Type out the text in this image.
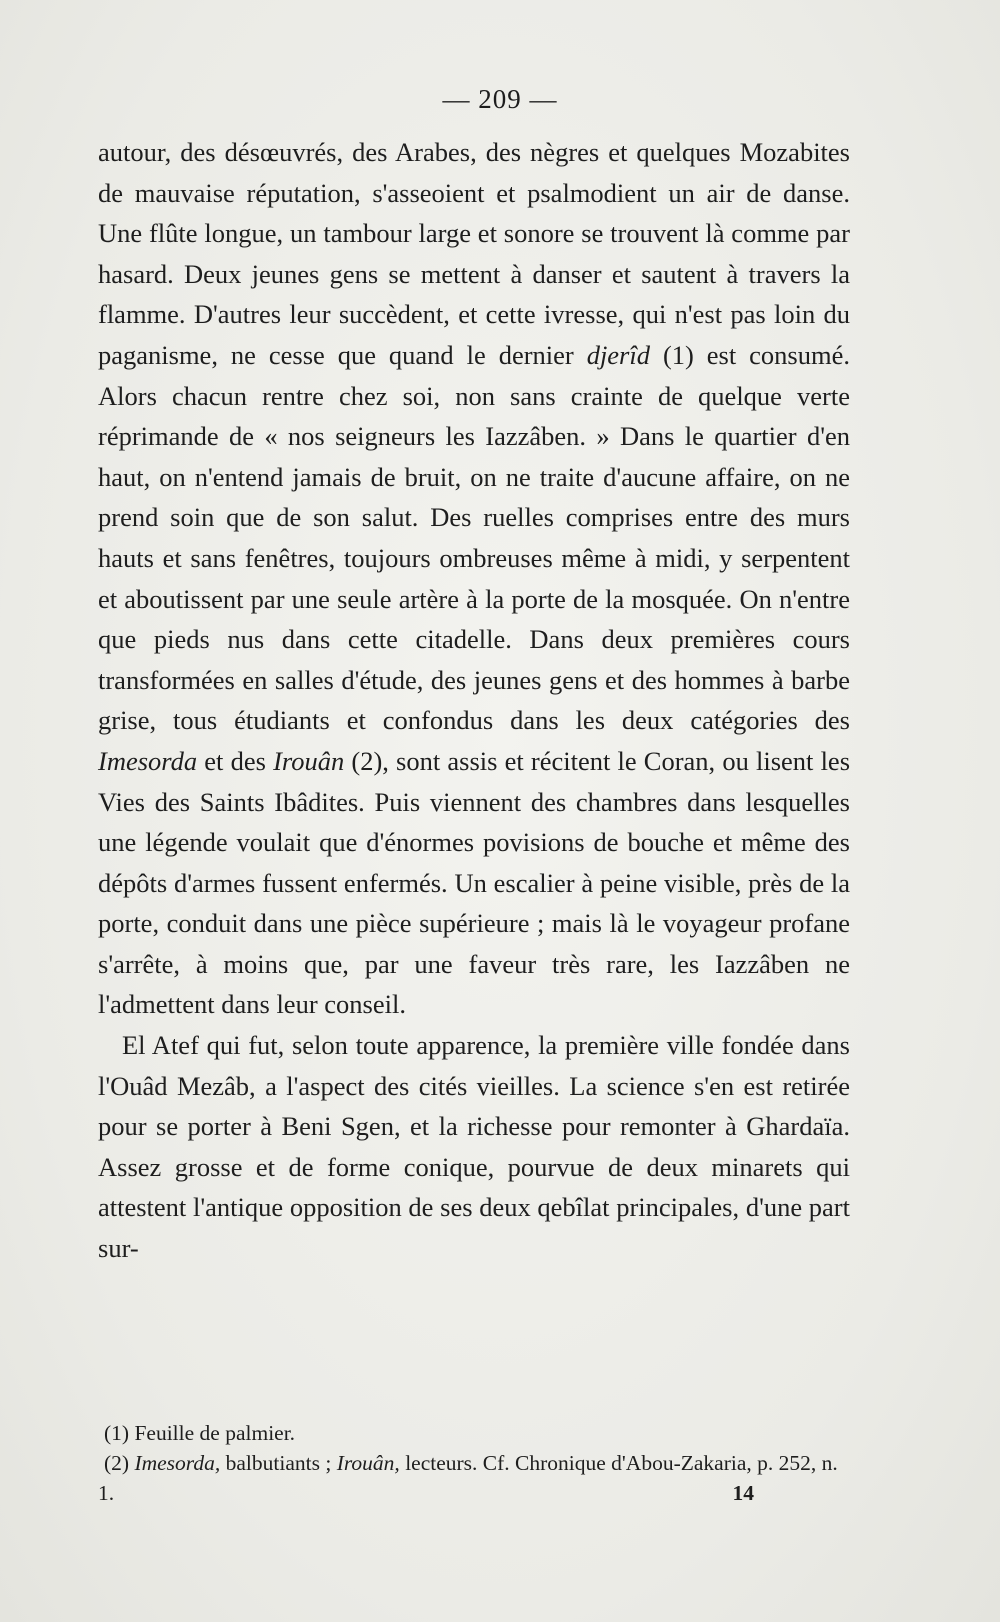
— 209 —

autour, des désœuvrés, des Arabes, des nègres et quelques Mozabites de mauvaise réputation, s'asseoient et psalmodient un air de danse. Une flûte longue, un tambour large et sonore se trouvent là comme par hasard. Deux jeunes gens se mettent à danser et sautent à travers la flamme. D'autres leur succèdent, et cette ivresse, qui n'est pas loin du paganisme, ne cesse que quand le dernier djerîd (1) est consumé. Alors chacun rentre chez soi, non sans crainte de quelque verte réprimande de « nos seigneurs les Iazzâben. » Dans le quartier d'en haut, on n'entend jamais de bruit, on ne traite d'aucune affaire, on ne prend soin que de son salut. Des ruelles comprises entre des murs hauts et sans fenêtres, toujours ombreuses même à midi, y serpentent et aboutissent par une seule artère à la porte de la mosquée. On n'entre que pieds nus dans cette citadelle. Dans deux premières cours transformées en salles d'étude, des jeunes gens et des hommes à barbe grise, tous étudiants et confondus dans les deux catégories des Imesorda et des Irouân (2), sont assis et récitent le Coran, ou lisent les Vies des Saints Ibâdites. Puis viennent des chambres dans lesquelles une légende voulait que d'énormes povisions de bouche et même des dépôts d'armes fussent enfermés. Un escalier à peine visible, près de la porte, conduit dans une pièce supérieure ; mais là le voyageur profane s'arrête, à moins que, par une faveur très rare, les Iazzâben ne l'admettent dans leur conseil.

El Atef qui fut, selon toute apparence, la première ville fondée dans l'Ouâd Mezâb, a l'aspect des cités vieilles. La science s'en est retirée pour se porter à Beni Sgen, et la richesse pour remonter à Ghardaïa. Assez grosse et de forme conique, pourvue de deux minarets qui attestent l'antique opposition de ses deux qebîlat principales, d'une part sur-

(1) Feuille de palmier.

(2) Imesorda, balbutiants ; Irouân, lecteurs. Cf. Chronique d'Abou-Zakaria, p. 252, n. 1.	14
